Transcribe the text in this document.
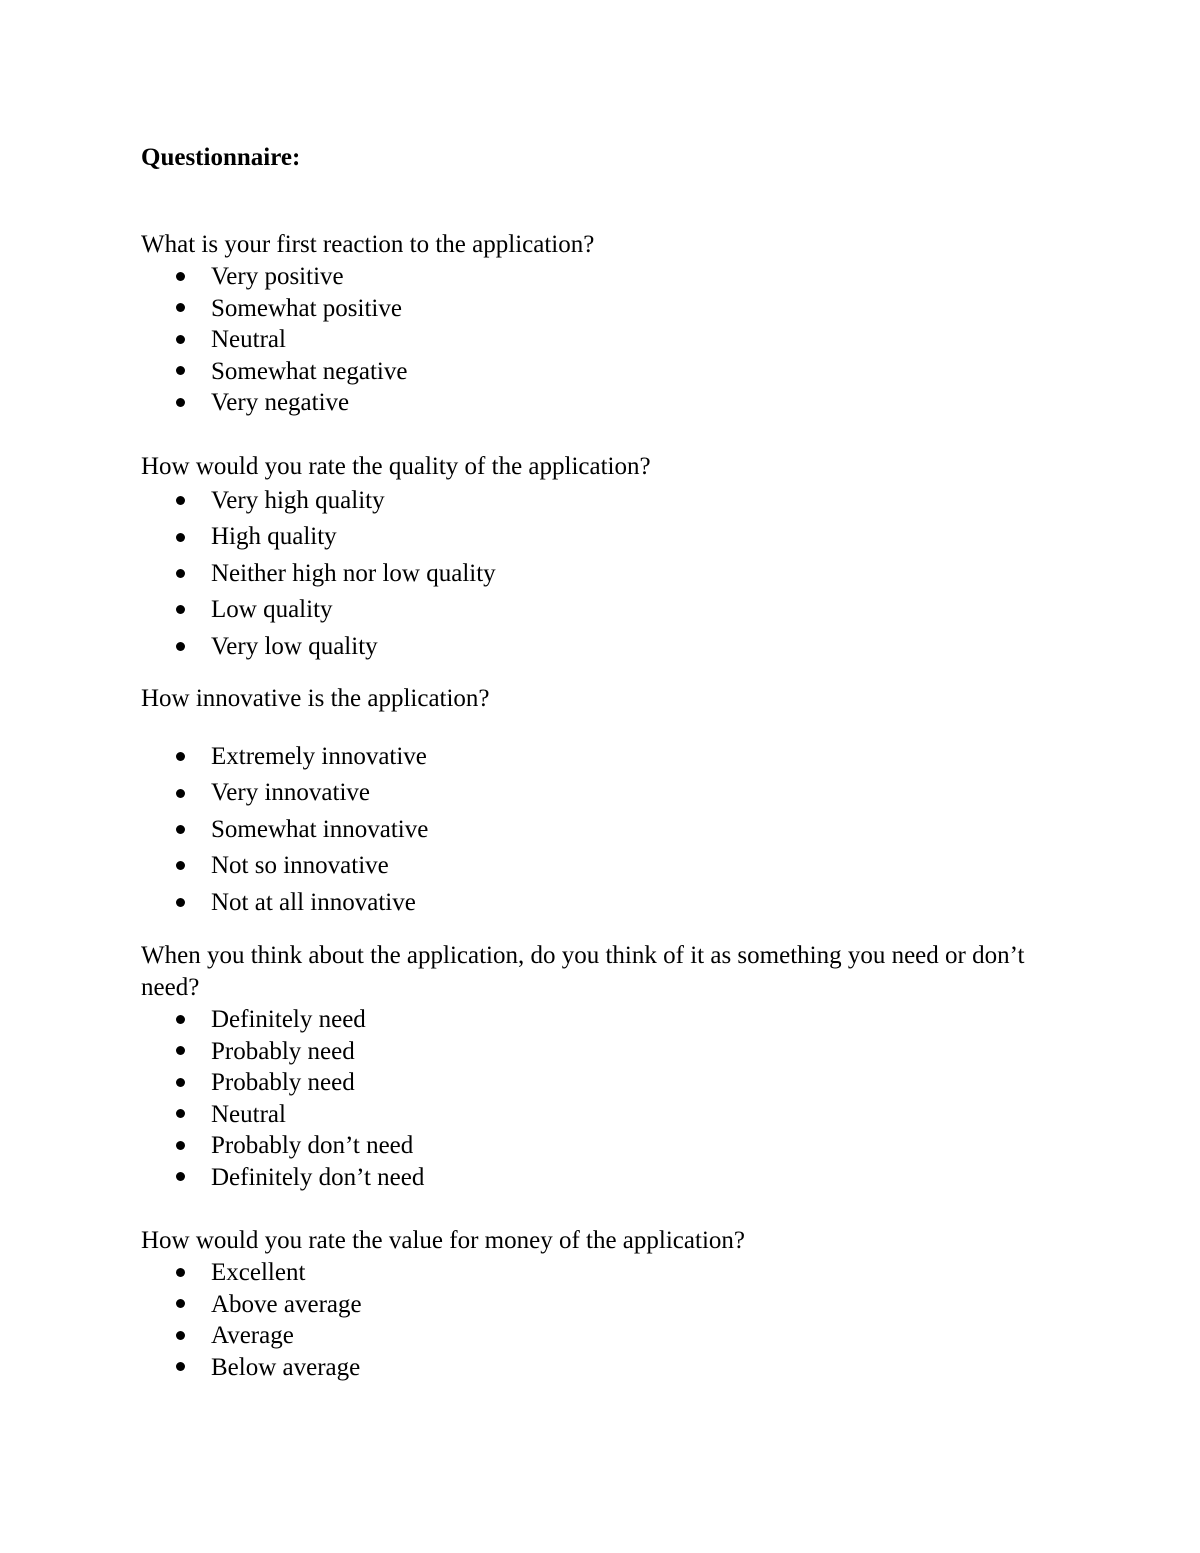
Questionnaire:

What is your first reaction to the application?

Very positive
Somewhat positive
Neutral
Somewhat negative
Very negative

How would you rate the quality of the application?

Very high quality
High quality
Neither high nor low quality
Low quality
Very low quality

How innovative is the application?

Extremely innovative
Very innovative
Somewhat innovative
Not so innovative
Not at all innovative

When you think about the application, do you think of it as something you need or don’t need?

Definitely need
Probably need
Probably need
Neutral
Probably don’t need
Definitely don’t need

How would you rate the value for money of the application?

Excellent
Above average
Average
Below average
